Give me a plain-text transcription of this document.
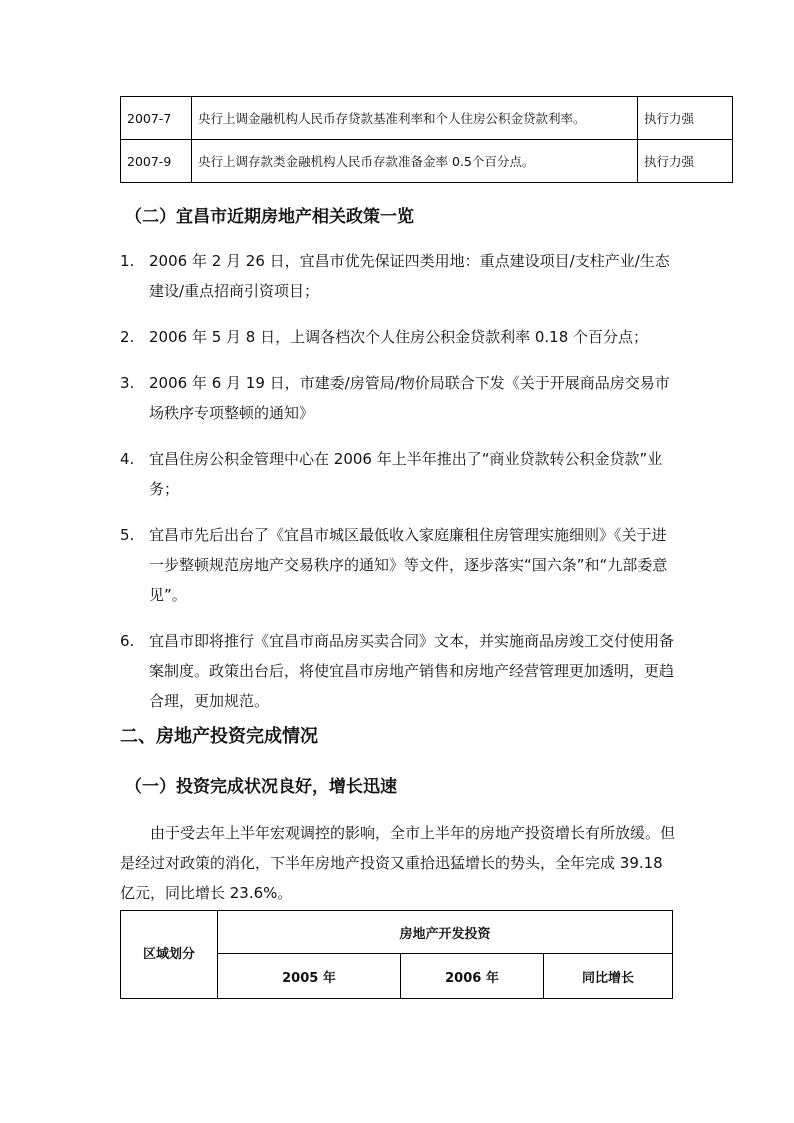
2007-7	央行上调金融机构人民币存贷款基准利率和个人住房公积金贷款利率。	执行力强
2007-9	央行上调存款类金融机构人民币存款准备金率 0.5个百分点。	执行力强
（二）宜昌市近期房地产相关政策一览
1. 2006 年 2 月 26 日，宜昌市优先保证四类用地：重点建设项目/支柱产业/生态建设/重点招商引资项目；
2. 2006 年 5 月 8 日，上调各档次个人住房公积金贷款利率 0.18 个百分点；
3. 2006 年 6 月 19 日，市建委/房管局/物价局联合下发《关于开展商品房交易市场秩序专项整顿的通知》
4. 宜昌住房公积金管理中心在 2006 年上半年推出了“商业贷款转公积金贷款”业务；
5. 宜昌市先后出台了《宜昌市城区最低收入家庭廉租住房管理实施细则》《关于进一步整顿规范房地产交易秩序的通知》等文件，逐步落实“国六条”和“九部委意见”。
6. 宜昌市即将推行《宜昌市商品房买卖合同》文本，并实施商品房竣工交付使用备案制度。政策出台后，将使宜昌市房地产销售和房地产经营管理更加透明，更趋合理，更加规范。
二、房地产投资完成情况
（一）投资完成状况良好，增长迅速

由于受去年上半年宏观调控的影响，全市上半年的房地产投资增长有所放缓。但是经过对政策的消化，下半年房地产投资又重拾迅猛增长的势头，全年完成 39.18 亿元，同比增长 23.6%。

区域划分	房地产开发投资		
	2005 年	2006 年	同比增长
